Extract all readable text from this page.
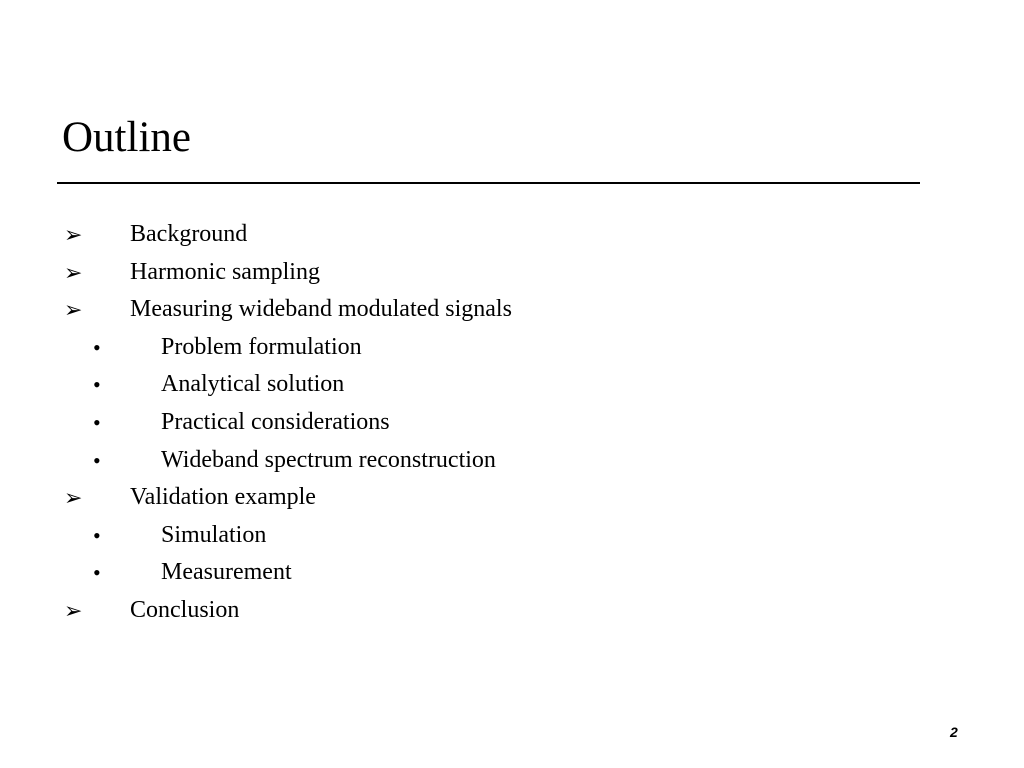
Outline
➢ Background
➢ Harmonic sampling
➢ Measuring wideband modulated signals
•	Problem formulation
•	Analytical solution
•	Practical considerations
•	Wideband spectrum reconstruction
➢ Validation example
•	Simulation
•	Measurement
➢ Conclusion
2
